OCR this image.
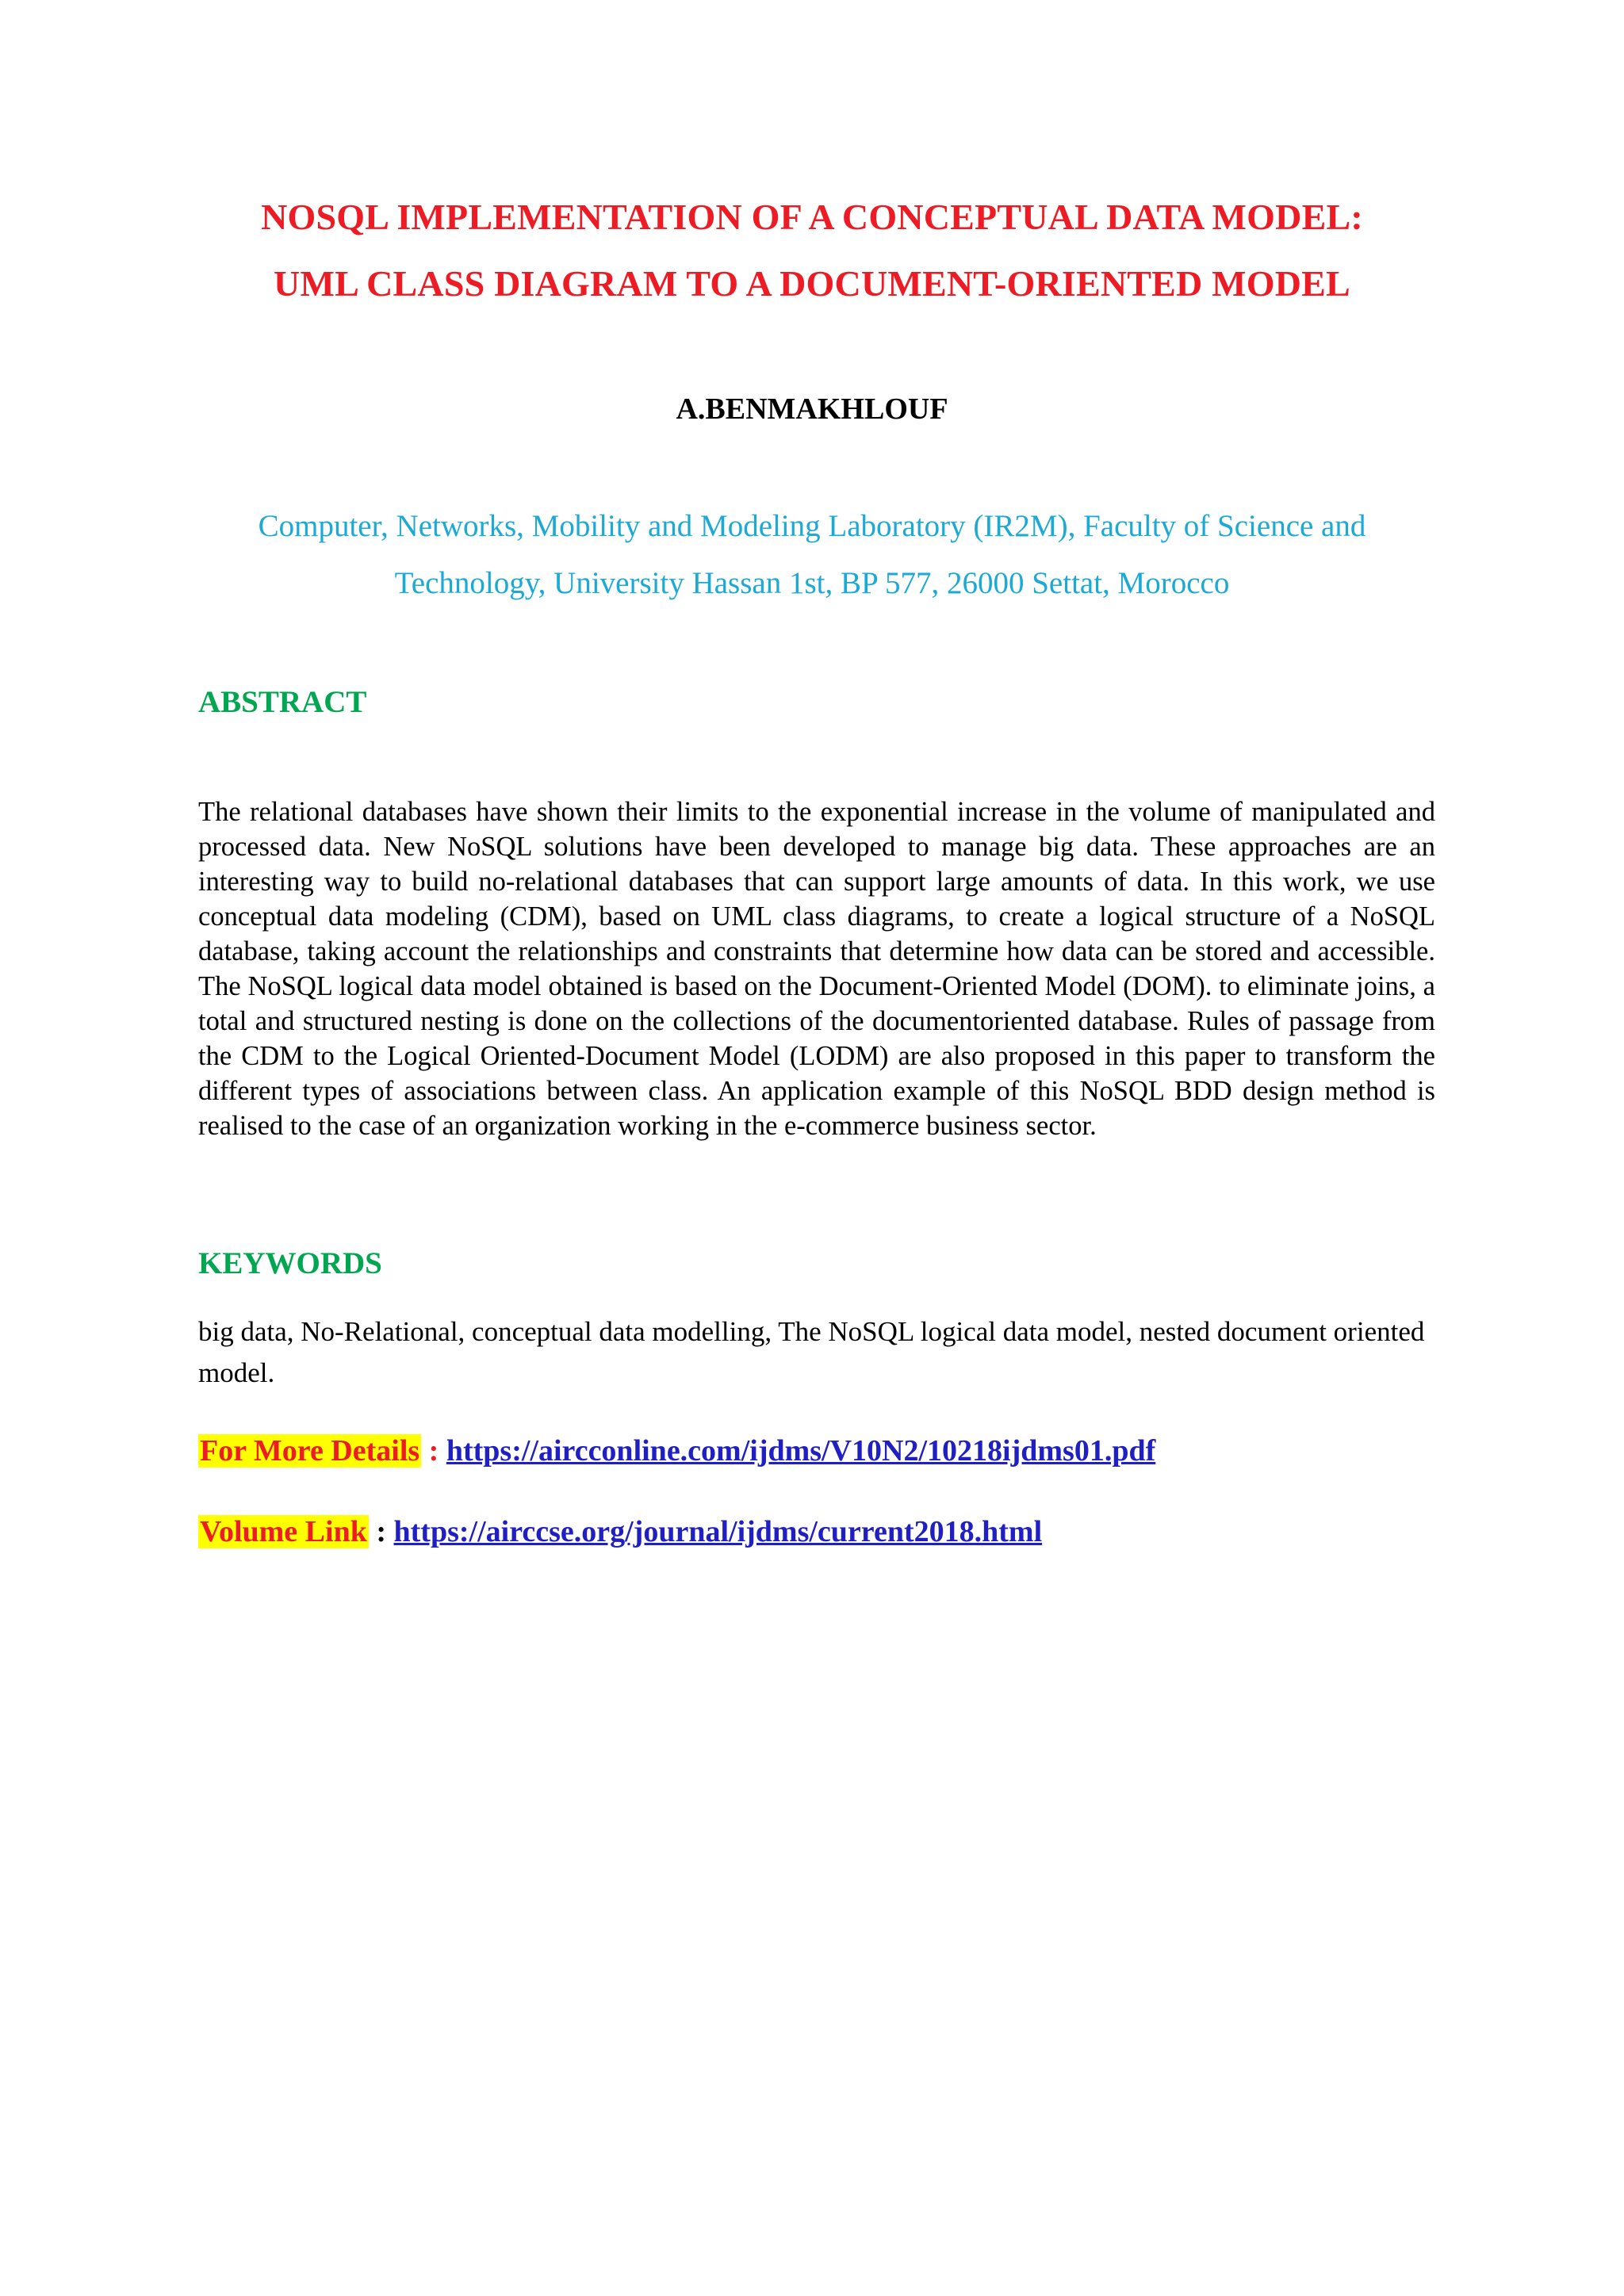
NOSQL IMPLEMENTATION OF A CONCEPTUAL DATA MODEL:
UML CLASS DIAGRAM TO A DOCUMENT-ORIENTED MODEL
A.BENMAKHLOUF
Computer, Networks, Mobility and Modeling Laboratory (IR2M), Faculty of Science and
Technology, University Hassan 1st, BP 577, 26000 Settat, Morocco
ABSTRACT
The relational databases have shown their limits to the exponential increase in the volume of manipulated and processed data. New NoSQL solutions have been developed to manage big data. These approaches are an interesting way to build no-relational databases that can support large amounts of data. In this work, we use conceptual data modeling (CDM), based on UML class diagrams, to create a logical structure of a NoSQL database, taking account the relationships and constraints that determine how data can be stored and accessible. The NoSQL logical data model obtained is based on the Document-Oriented Model (DOM). to eliminate joins, a total and structured nesting is done on the collections of the documentoriented database. Rules of passage from the CDM to the Logical Oriented-Document Model (LODM) are also proposed in this paper to transform the different types of associations between class. An application example of this NoSQL BDD design method is realised to the case of an organization working in the e-commerce business sector.
KEYWORDS
big data, No-Relational, conceptual data modelling, The NoSQL logical data model, nested document oriented model.
For More Details : https://aircconline.com/ijdms/V10N2/10218ijdms01.pdf
Volume Link : https://airccse.org/journal/ijdms/current2018.html
